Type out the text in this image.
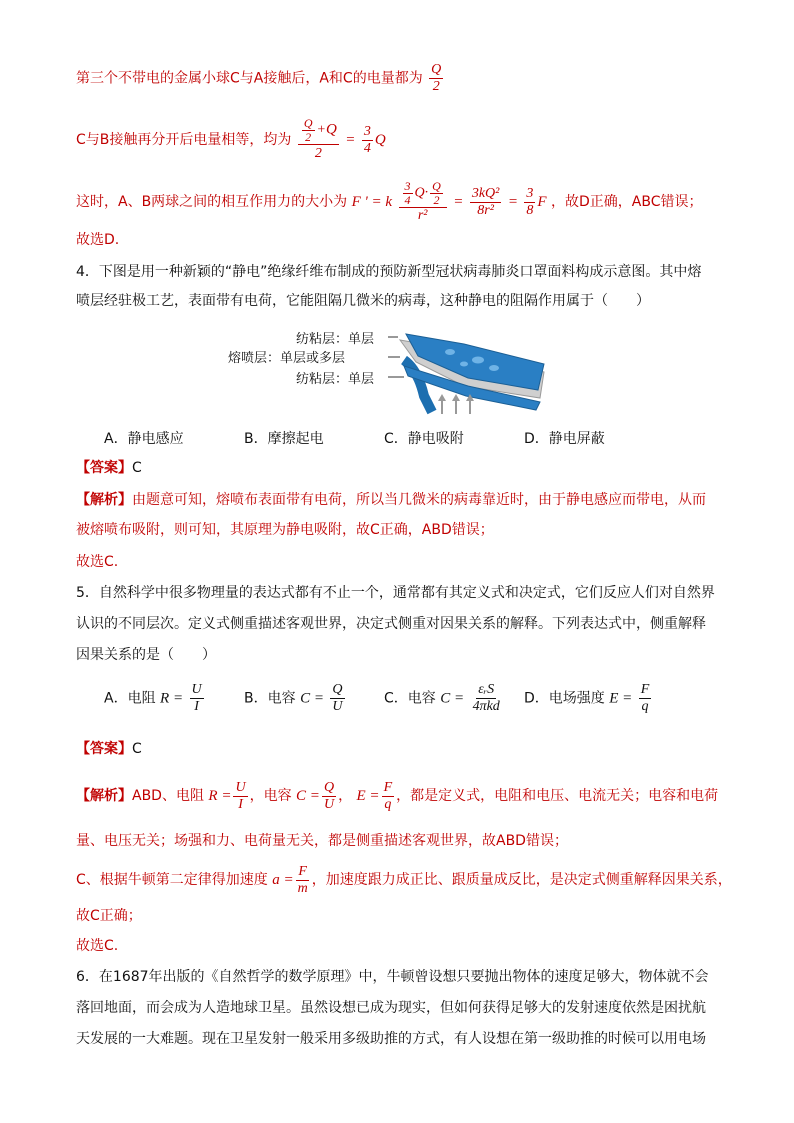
第三个不带电的金属小球C与A接触后，A和C的电量都为 $\frac{Q}{2}$
C与B接触再分开后电量相等，均为 $\frac{\frac{Q}{2} +Q}{2} = \frac{3}{4}$ Q
这时，A、B两球之间的相互作用力的大小为 F ' = k $\frac{\frac{3}{4} Q\cdot \frac{Q}{2}}{\text{r²}} = \frac{\text{3kQ²}}{\text{8r²}} = \frac{3}{8}$ F ，故D正确，ABC错误；
故选D.
4．下图是用一种新颖的“静电”绝缘纤维布制成的预防新型冠状病毒肺炎口罩面料构成示意图。其中熔
喷层经驻极工艺，表面带有电荷，它能阻隔几微米的病毒，这种静电的阻隔作用属于（　　）
纺粘层：单层
熔喷层：单层或多层
纺粘层：单层
A．静电感应	B．摩擦起电	C．静电吸附	D．静电屏蔽
【答案】C
【解析】由题意可知，熔喷布表面带有电荷，所以当几微米的病毒靠近时，由于静电感应而带电，从而
被熔喷布吸附，则可知，其原理为静电吸附，故C正确，ABD错误；
故选C.
5．自然科学中很多物理量的表达式都有不止一个，通常都有其定义式和决定式，它们反应人们对自然界
认识的不同层次。定义式侧重描述客观世界，决定式侧重对因果关系的解释。下列表达式中，侧重解释
因果关系的是（　　）
A．电阻 $R = \frac{U}{I}$	B．电容 $C = \frac{Q}{U}$	C．电容 $C = \frac{\text{εᵣS}}{\text{4πkd}}$ D．电场强度 $E = \frac{F}{q}$
【答案】C
【解析】ABD、电阻 $R = \frac{U}{I}$ ，电容 $C = \frac{Q}{U}$ ， $E = \frac{F}{q}$ ，都是定义式，电阻和电压、电流无关；电容和电荷
量、电压无关；场强和力、电荷量无关，都是侧重描述客观世界，故ABD错误；
C、根据牛顿第二定律得加速度 $a = \frac{F}{m}$ ，加速度跟力成正比、跟质量成反比，是决定式侧重解释因果关系，
故C正确；
故选C.
6．在1687年出版的《自然哲学的数学原理》中，牛顿曾设想只要抛出物体的速度足够大，物体就不会
落回地面，而会成为人造地球卫星。虽然设想已成为现实，但如何获得足够大的发射速度依然是困扰航
天发展的一大难题。现在卫星发射一般采用多级助推的方式，有人设想在第一级助推的时候可以用电场
